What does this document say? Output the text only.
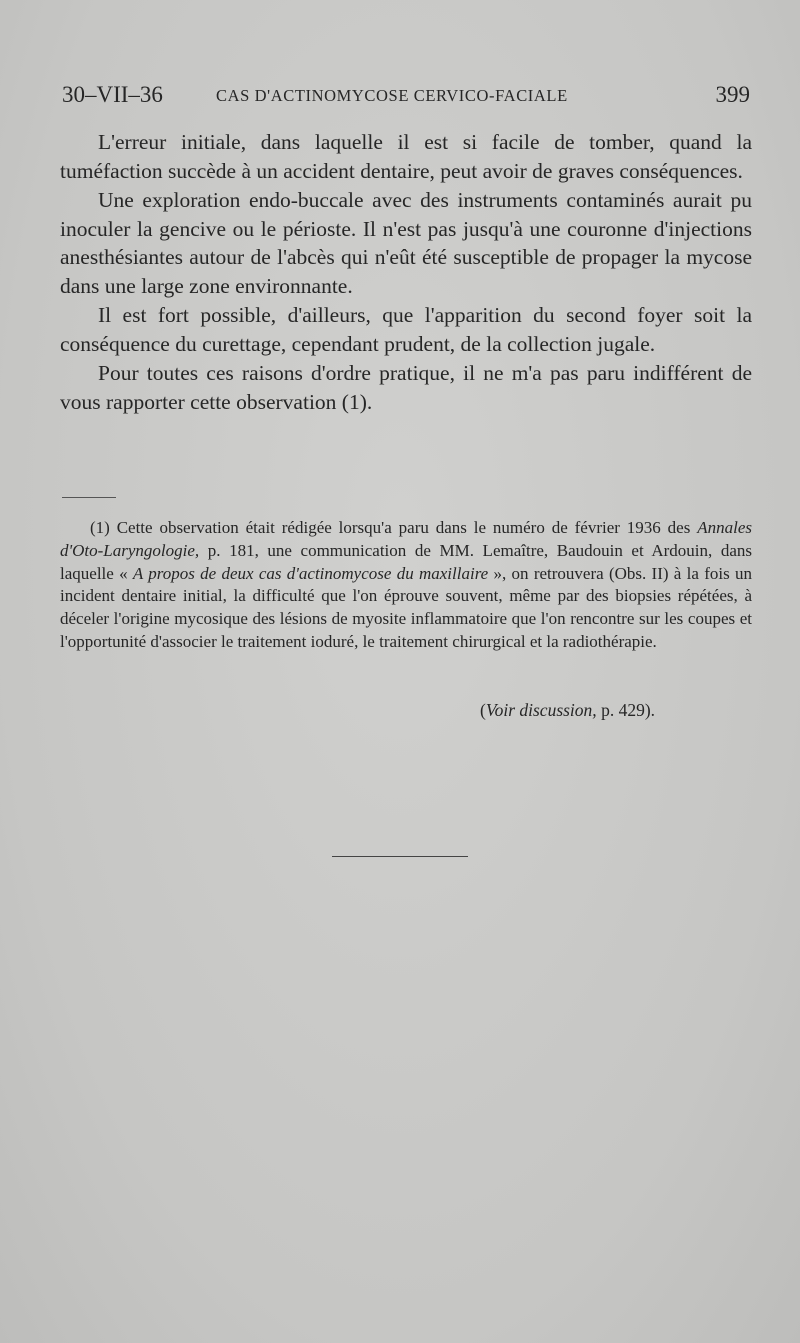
30–VII–36	CAS D'ACTINOMYCOSE CERVICO-FACIALE	399

L'erreur initiale, dans laquelle il est si facile de tomber, quand la tuméfaction succède à un accident dentaire, peut avoir de graves conséquences.

Une exploration endo-buccale avec des instruments contaminés aurait pu inoculer la gencive ou le périoste. Il n'est pas jusqu'à une couronne d'injections anesthésiantes autour de l'abcès qui n'eût été susceptible de propager la mycose dans une large zone environnante.

Il est fort possible, d'ailleurs, que l'apparition du second foyer soit la conséquence du curettage, cependant prudent, de la collection jugale.

Pour toutes ces raisons d'ordre pratique, il ne m'a pas paru indifférent de vous rapporter cette observation (1).

(1) Cette observation était rédigée lorsqu'a paru dans le numéro de février 1936 des Annales d'Oto-Laryngologie, p. 181, une communication de MM. Lemaître, Baudouin et Ardouin, dans laquelle « A propos de deux cas d'actinomycose du maxillaire », on retrouvera (Obs. II) à la fois un incident dentaire initial, la difficulté que l'on éprouve souvent, même par des biopsies répétées, à déceler l'origine mycosique des lésions de myosite inflammatoire que l'on rencontre sur les coupes et l'opportunité d'associer le traitement ioduré, le traitement chirurgical et la radiothérapie.

(Voir discussion, p. 429).
